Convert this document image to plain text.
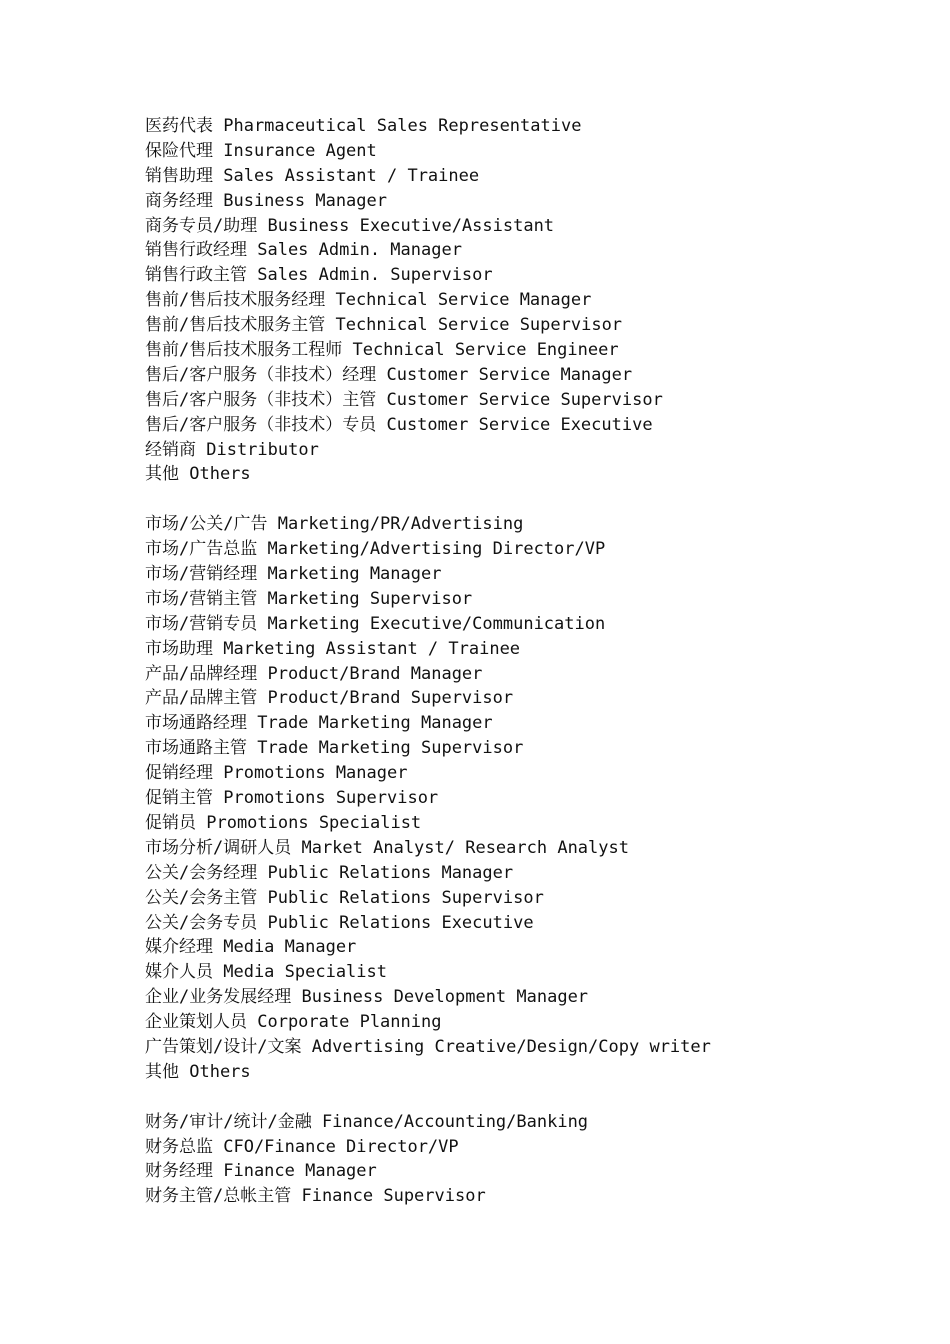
医药代表 Pharmaceutical Sales Representative
保险代理 Insurance Agent
销售助理 Sales Assistant / Trainee
商务经理 Business Manager
商务专员/助理 Business Executive/Assistant
销售行政经理 Sales Admin. Manager
销售行政主管 Sales Admin. Supervisor
售前/售后技术服务经理 Technical Service Manager
售前/售后技术服务主管 Technical Service Supervisor
售前/售后技术服务工程师 Technical Service Engineer
售后/客户服务（非技术）经理 Customer Service Manager
售后/客户服务（非技术）主管 Customer Service Supervisor
售后/客户服务（非技术）专员 Customer Service Executive
经销商 Distributor
其他 Others
市场/公关/广告 Marketing/PR/Advertising
市场/广告总监 Marketing/Advertising Director/VP
市场/营销经理 Marketing Manager
市场/营销主管 Marketing Supervisor
市场/营销专员 Marketing Executive/Communication
市场助理 Marketing Assistant / Trainee
产品/品牌经理 Product/Brand Manager
产品/品牌主管 Product/Brand Supervisor
市场通路经理 Trade Marketing Manager
市场通路主管 Trade Marketing Supervisor
促销经理 Promotions Manager
促销主管 Promotions Supervisor
促销员 Promotions Specialist
市场分析/调研人员 Market Analyst/ Research Analyst
公关/会务经理 Public Relations Manager
公关/会务主管 Public Relations Supervisor
公关/会务专员 Public Relations Executive
媒介经理 Media Manager
媒介人员 Media Specialist
企业/业务发展经理 Business Development Manager
企业策划人员 Corporate Planning
广告策划/设计/文案 Advertising Creative/Design/Copy writer
其他 Others
财务/审计/统计/金融 Finance/Accounting/Banking
财务总监 CFO/Finance Director/VP
财务经理 Finance Manager
财务主管/总帐主管 Finance Supervisor
